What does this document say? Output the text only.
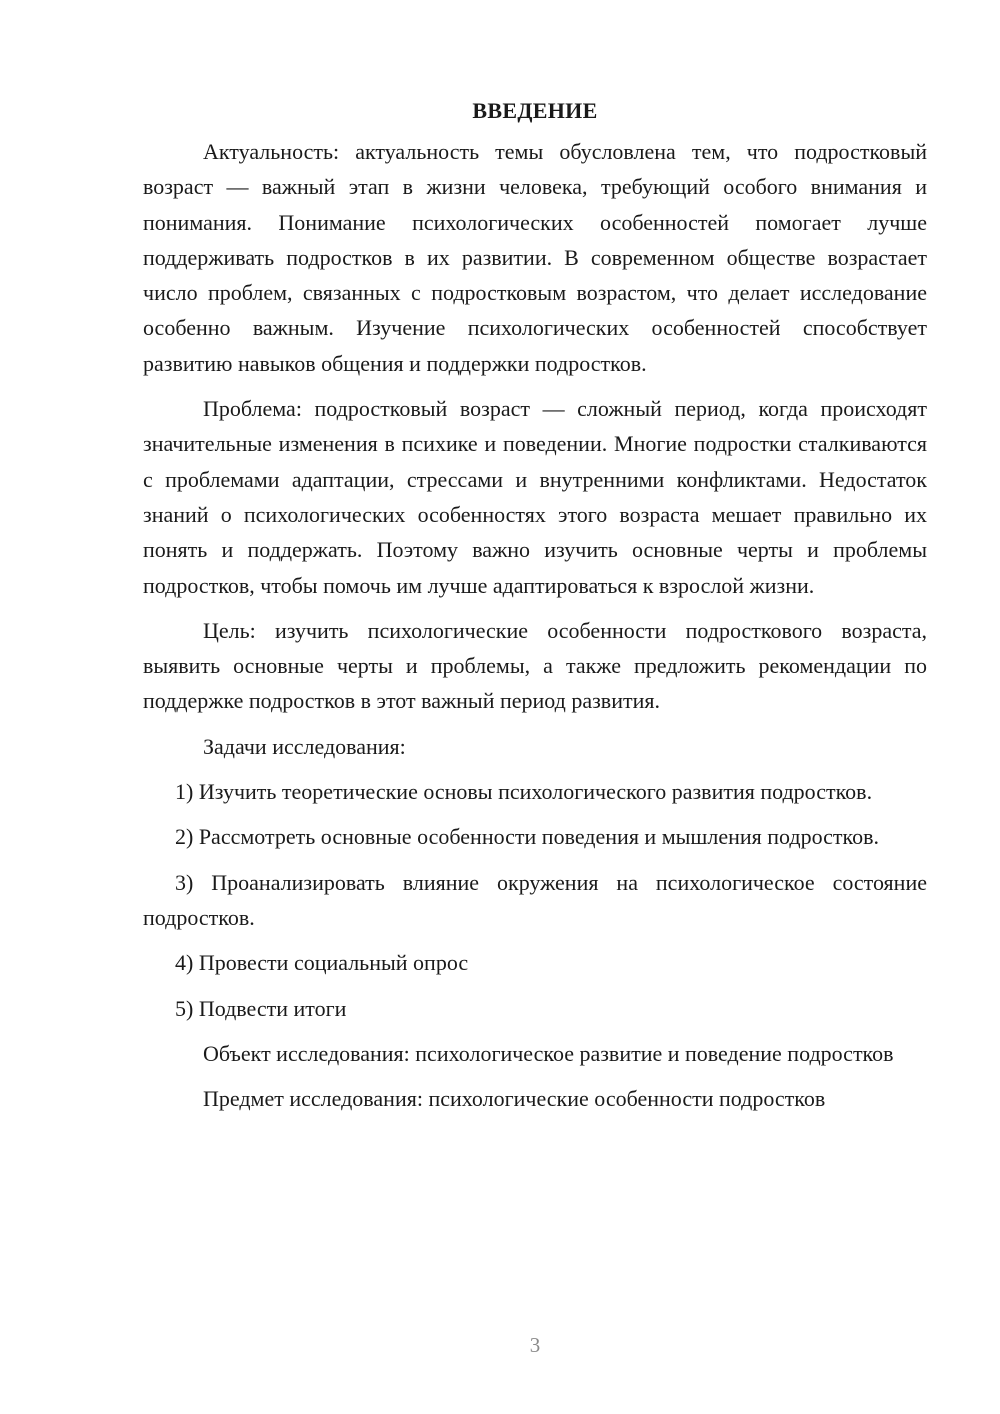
ВВЕДЕНИЕ

Актуальность: актуальность темы обусловлена тем, что подростковый возраст — важный этап в жизни человека, требующий особого внимания и понимания. Понимание психологических особенностей помогает лучше поддерживать подростков в их развитии. В современном обществе возрастает число проблем, связанных с подростковым возрастом, что делает исследование особенно важным. Изучение психологических особенностей способствует развитию навыков общения и поддержки подростков.

Проблема: подростковый возраст — сложный период, когда происходят значительные изменения в психике и поведении. Многие подростки сталкиваются с проблемами адаптации, стрессами и внутренними конфликтами. Недостаток знаний о психологических особенностях этого возраста мешает правильно их понять и поддержать. Поэтому важно изучить основные черты и проблемы подростков, чтобы помочь им лучше адаптироваться к взрослой жизни.

Цель: изучить психологические особенности подросткового возраста, выявить основные черты и проблемы, а также предложить рекомендации по поддержке подростков в этот важный период развития.

Задачи исследования:

1) Изучить теоретические основы психологического развития подростков.

2) Рассмотреть основные особенности поведения и мышления подростков.

3) Проанализировать влияние окружения на психологическое состояние подростков.

4) Провести социальный опрос

5) Подвести итоги

Объект исследования: психологическое развитие и поведение подростков

Предмет исследования: психологические особенности подростков

3
